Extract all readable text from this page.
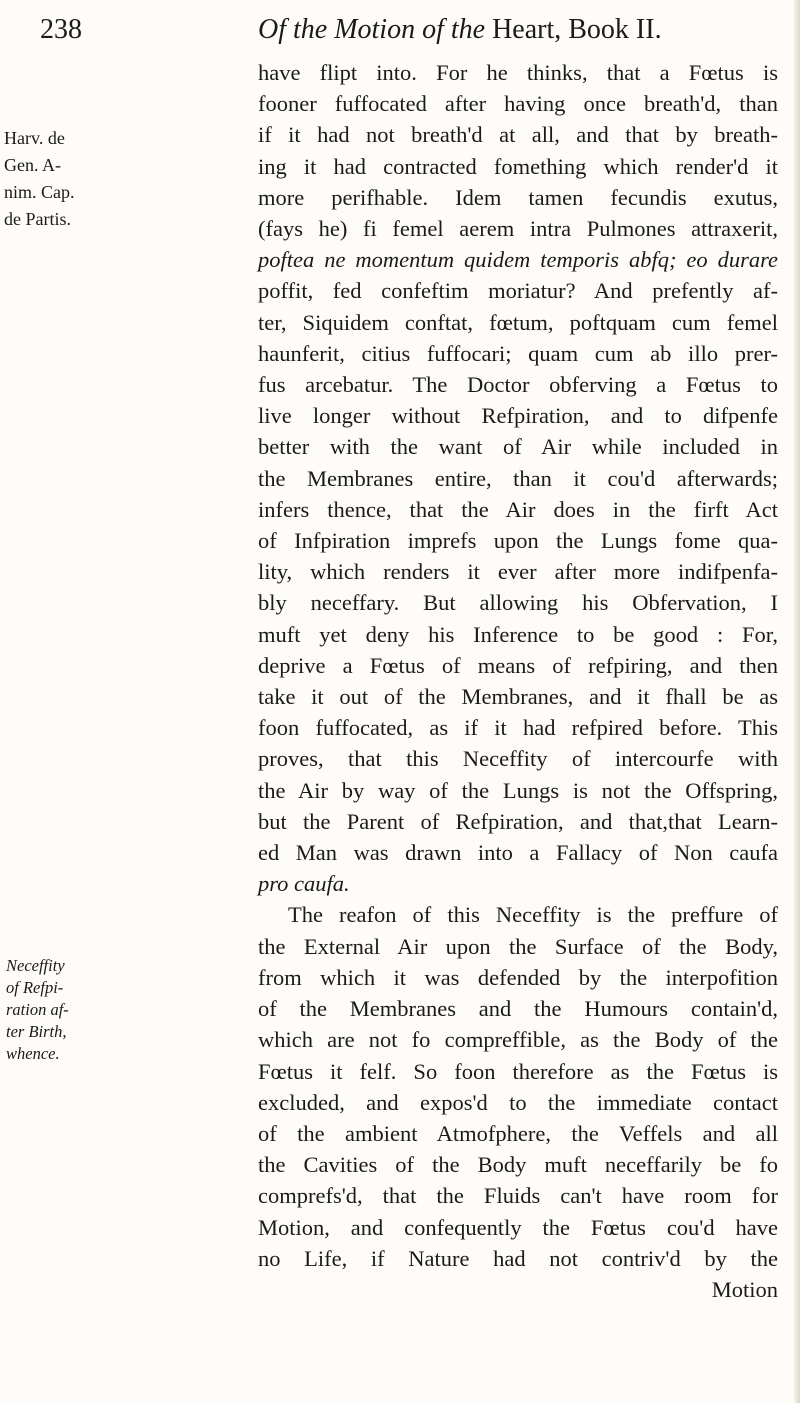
238	Of the Motion of the Heart, Book II.
Harv. de
Gen. A-
nim. Cap.
de Partis.
Neceffity
of Refpi-
ration af-
ter Birth,
whence.
have flipt into. For he thinks, that a Fœtus is
fooner fuffocated after having once breath'd, than
if it had not breath'd at all, and that by breath-
ing it had contracted fomething which render'd it
more perifhable. Idem tamen fecundis exutus,
(fays he) fi femel aerem intra Pulmones attraxerit,
poftea ne momentum quidem temporis abfq; eo durare
poffit, fed confeftim moriatur? And prefently af-
ter, Siquidem conftat, fœtum, poftquam cum femel
haunferit, citius fuffocari; quam cum ab illo prer-
fus arcebatur. The Doctor obferving a Fœtus to
live longer without Refpiration, and to difpenfe
better with the want of Air while included in
the Membranes entire, than it cou'd afterwards;
infers thence, that the Air does in the firft Act
of Infpiration imprefs upon the Lungs fome qua-
lity, which renders it ever after more indifpenfa-
bly neceffary. But allowing his Obfervation, I
muft yet deny his Inference to be good : For,
deprive a Fœtus of means of refpiring, and then
take it out of the Membranes, and it fhall be as
foon fuffocated, as if it had refpired before. This
proves, that this Neceffity of intercourfe with
the Air by way of the Lungs is not the Offspring,
but the Parent of Refpiration, and that,that Learn-
ed Man was drawn into a Fallacy of Non caufa
pro caufa.
The reafon of this Neceffity is the preffure of
the External Air upon the Surface of the Body,
from which it was defended by the interpofition
of the Membranes and the Humours contain'd,
which are not fo compreffible, as the Body of the
Fœtus it felf. So foon therefore as the Fœtus is
excluded, and expos'd to the immediate contact
of the ambient Atmofphere, the Veffels and all
the Cavities of the Body muft neceffarily be fo
comprefs'd, that the Fluids can't have room for
Motion, and confequently the Fœtus cou'd have
no Life, if Nature had not contriv'd by the
Motion
